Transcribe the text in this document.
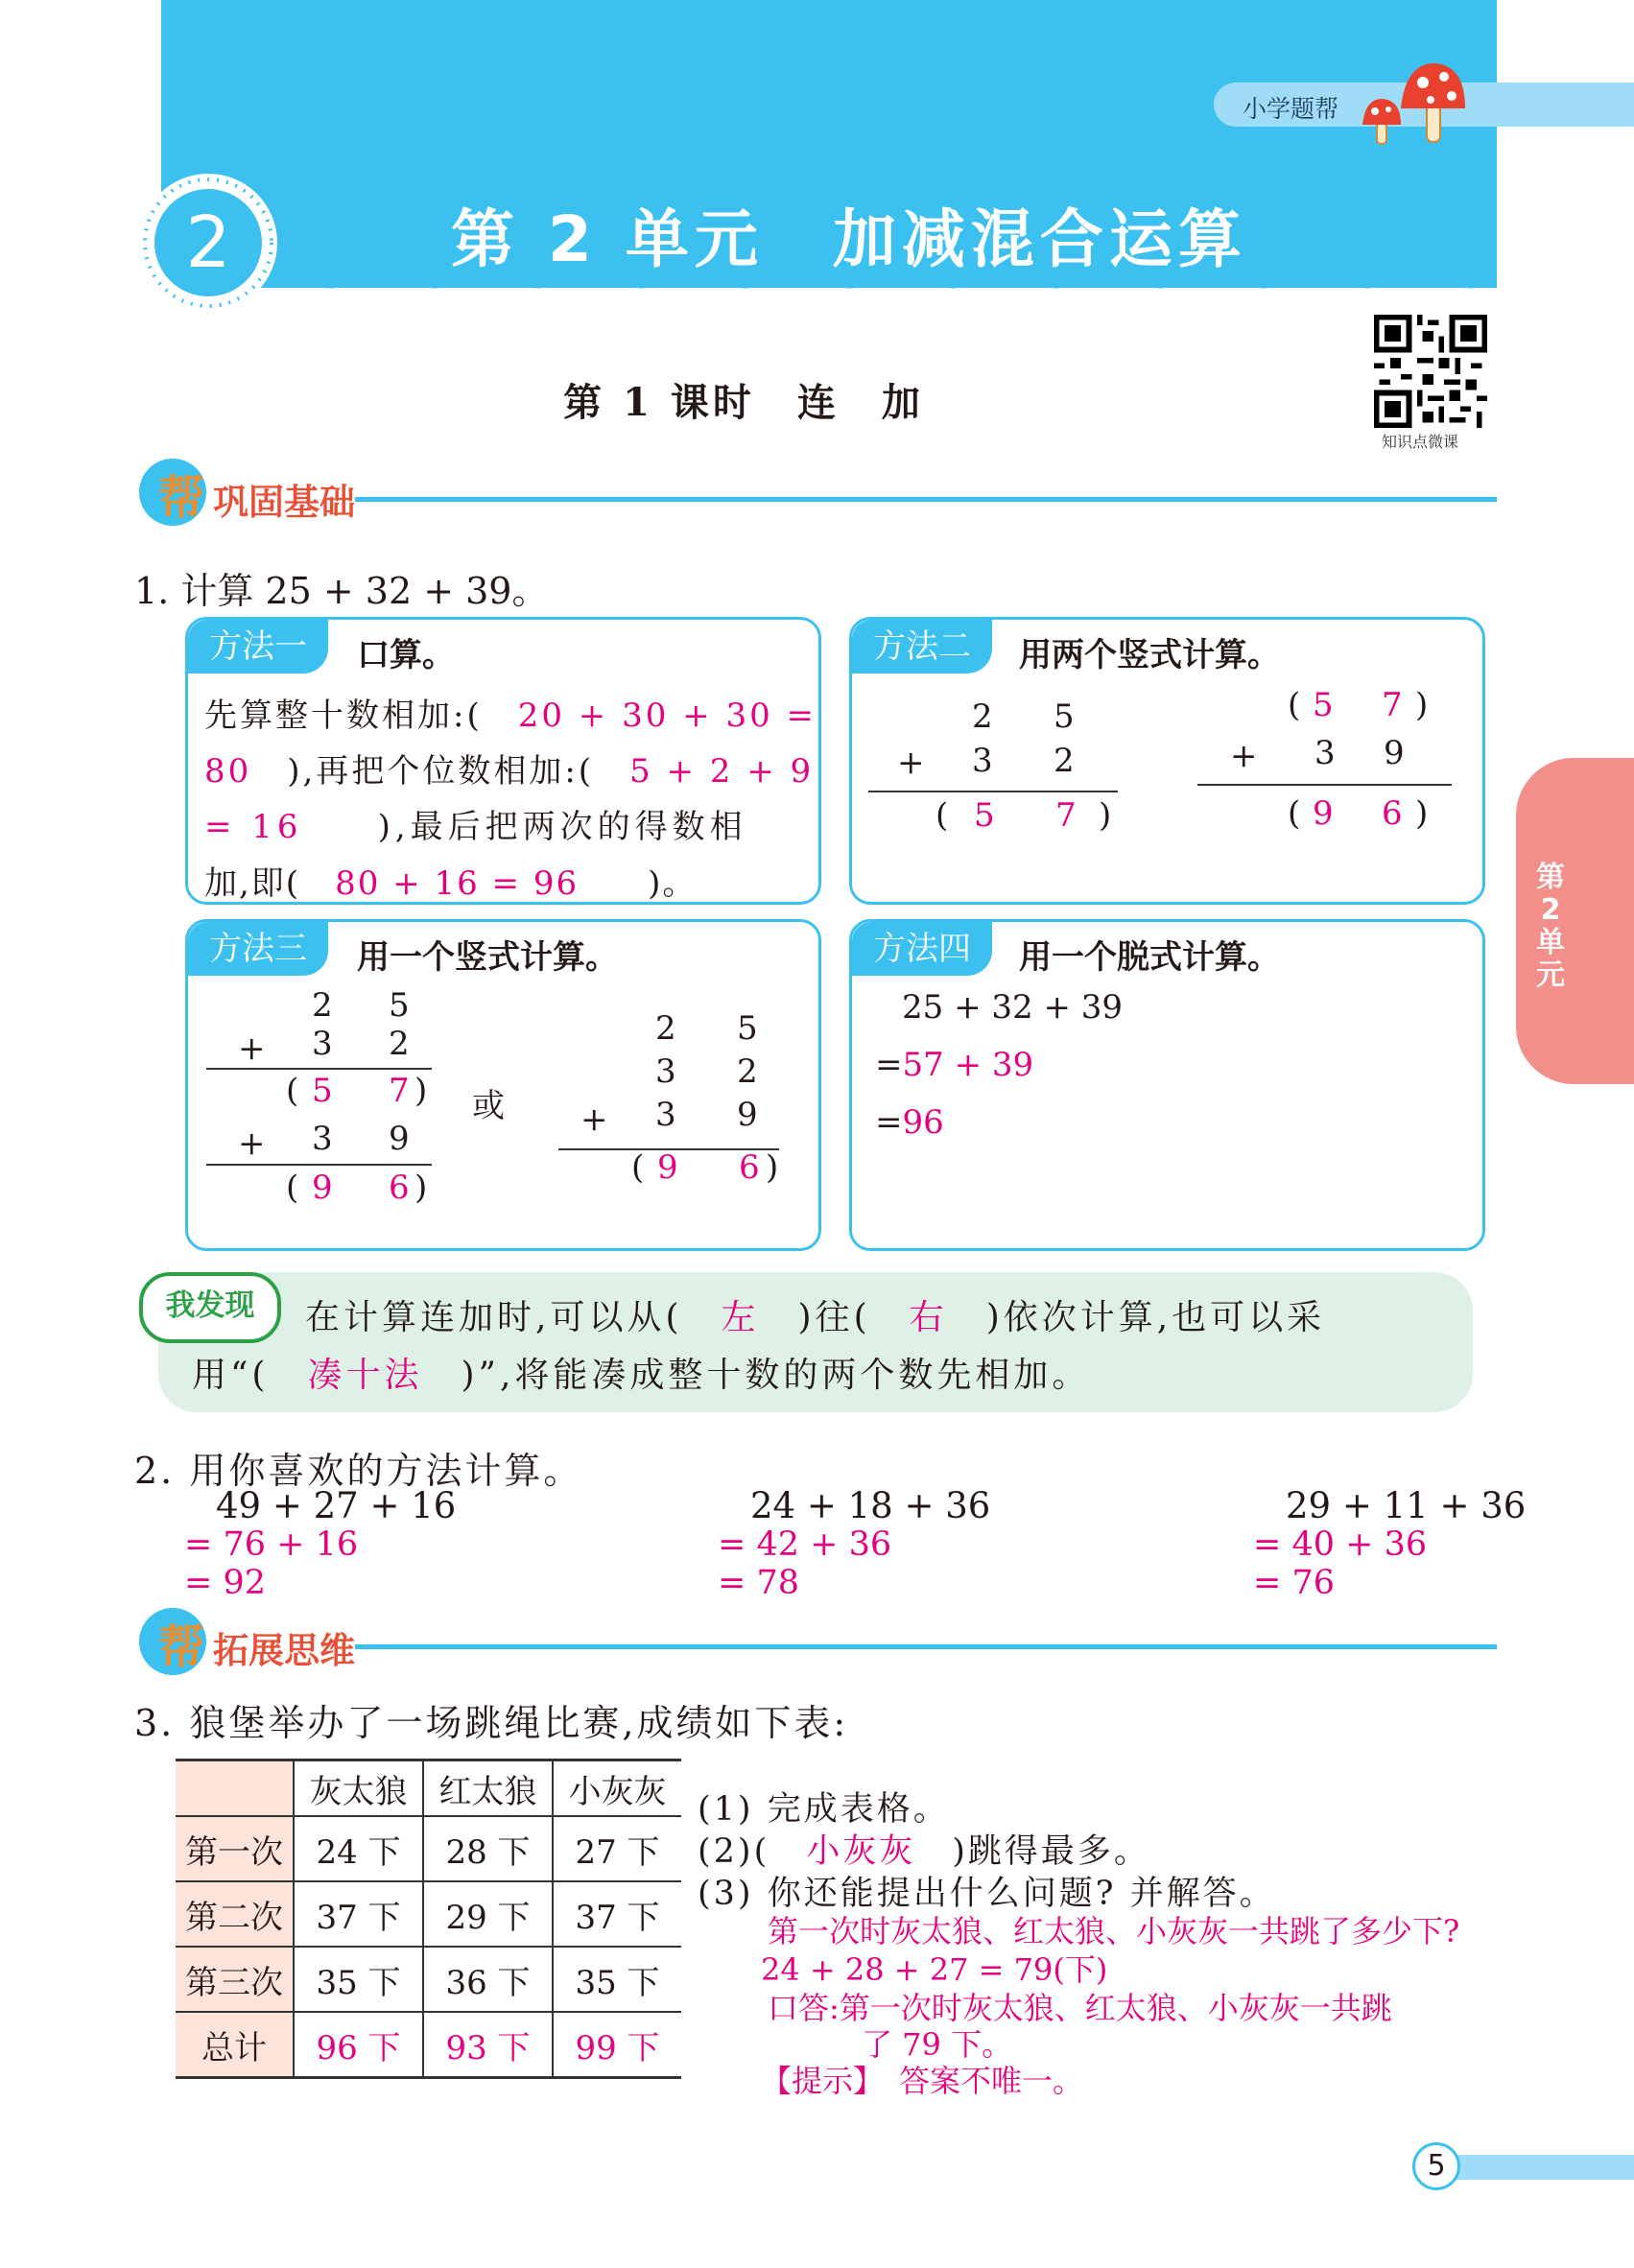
小学题帮
2	第 2 单元　加减混合运算
第 1 课时　连　加
知识点微课
帮 巩固基础
1. 计算 25 + 32 + 39。
方法一	口算。
先算整十数相加:(　 20 + 30 + 30 =
80　 ),再把个位数相加:(　 5 + 2 + 9
= 16　　 ),最后把两次的得数相
加,即(　 80 + 16 = 96　　 )。
方法二	用两个竖式计算。
2 5
+ 3 2
( 5 7 )
( 5 7 )
+ 3 9
( 9 6 )
方法三	用一个竖式计算。
2 5
+ 3 2
( 5 7 )
+ 3 9
( 9 6 )
或
2 5
3 2
+ 3 9
( 9 6 )
方法四	用一个脱式计算。
25 + 32 + 39
=57 + 39
=96
我发现	在计算连加时,可以从(　 左　 )往(　 右　 )依次计算,也可以采
用“(　 凑十法　 )”,将能凑成整十数的两个数先相加。
2. 用你喜欢的方法计算。
49 + 27 + 16
= 76 + 16
= 92
24 + 18 + 36
= 42 + 36
= 78
29 + 11 + 36
= 40 + 36
= 76
帮 拓展思维
3. 狼堡举办了一场跳绳比赛,成绩如下表:
	灰太狼	红太狼	小灰灰
第一次	24 下	28 下	27 下
第二次	37 下	29 下	37 下
第三次	35 下	36 下	35 下
总计	96 下	93 下	99 下
(1) 完成表格。
(2)(　 小灰灰　 )跳得最多。
(3) 你还能提出什么问题? 并解答。
第一次时灰太狼、红太狼、小灰灰一共跳了多少下?
24 + 28 + 27 = 79(下)
口答:第一次时灰太狼、红太狼、小灰灰一共跳
了 79 下。
【提示】　答案不唯一。
第2单元
5
